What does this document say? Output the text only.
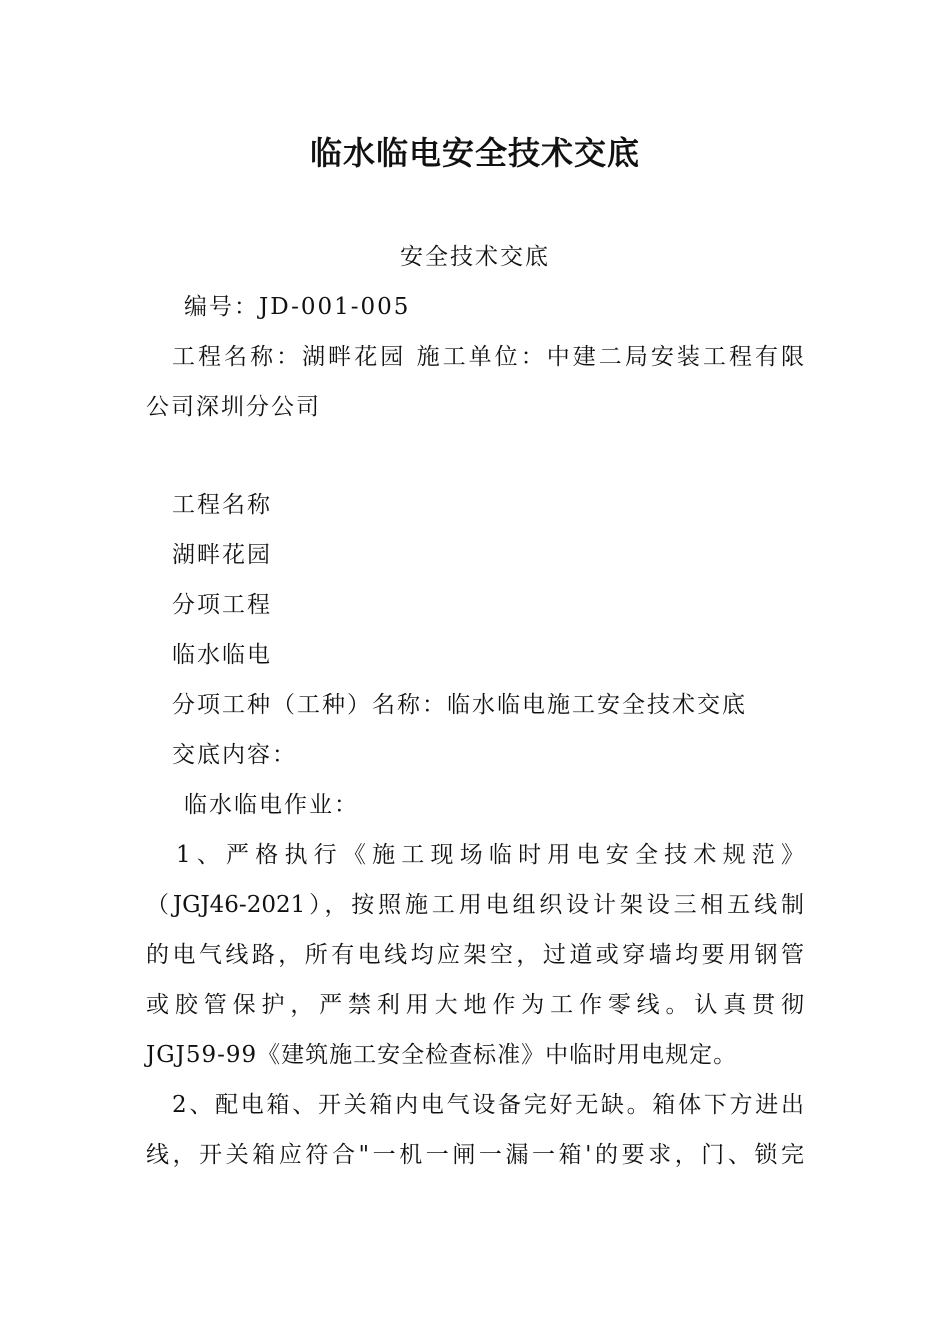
临水临电安全技术交底
安全技术交底
编号：JD-001-005
工程名称：湖畔花园 施工单位：中建二局安装工程有限
公司深圳分公司
工程名称
湖畔花园
分项工程
临水临电
分项工种（工种）名称：临水临电施工安全技术交底
交底内容：
临水临电作业：
1、严格执行《施工现场临时用电安全技术规范》
（JGJ46-2021），按照施工用电组织设计架设三相五线制
的电气线路，所有电线均应架空，过道或穿墙均要用钢管
或胶管保护，严禁利用大地作为工作零线。认真贯彻
JGJ59-99《建筑施工安全检查标准》中临时用电规定。
2、配电箱、开关箱内电气设备完好无缺。箱体下方进出
线，开关箱应符合"一机一闸一漏一箱'的要求，门、锁完
